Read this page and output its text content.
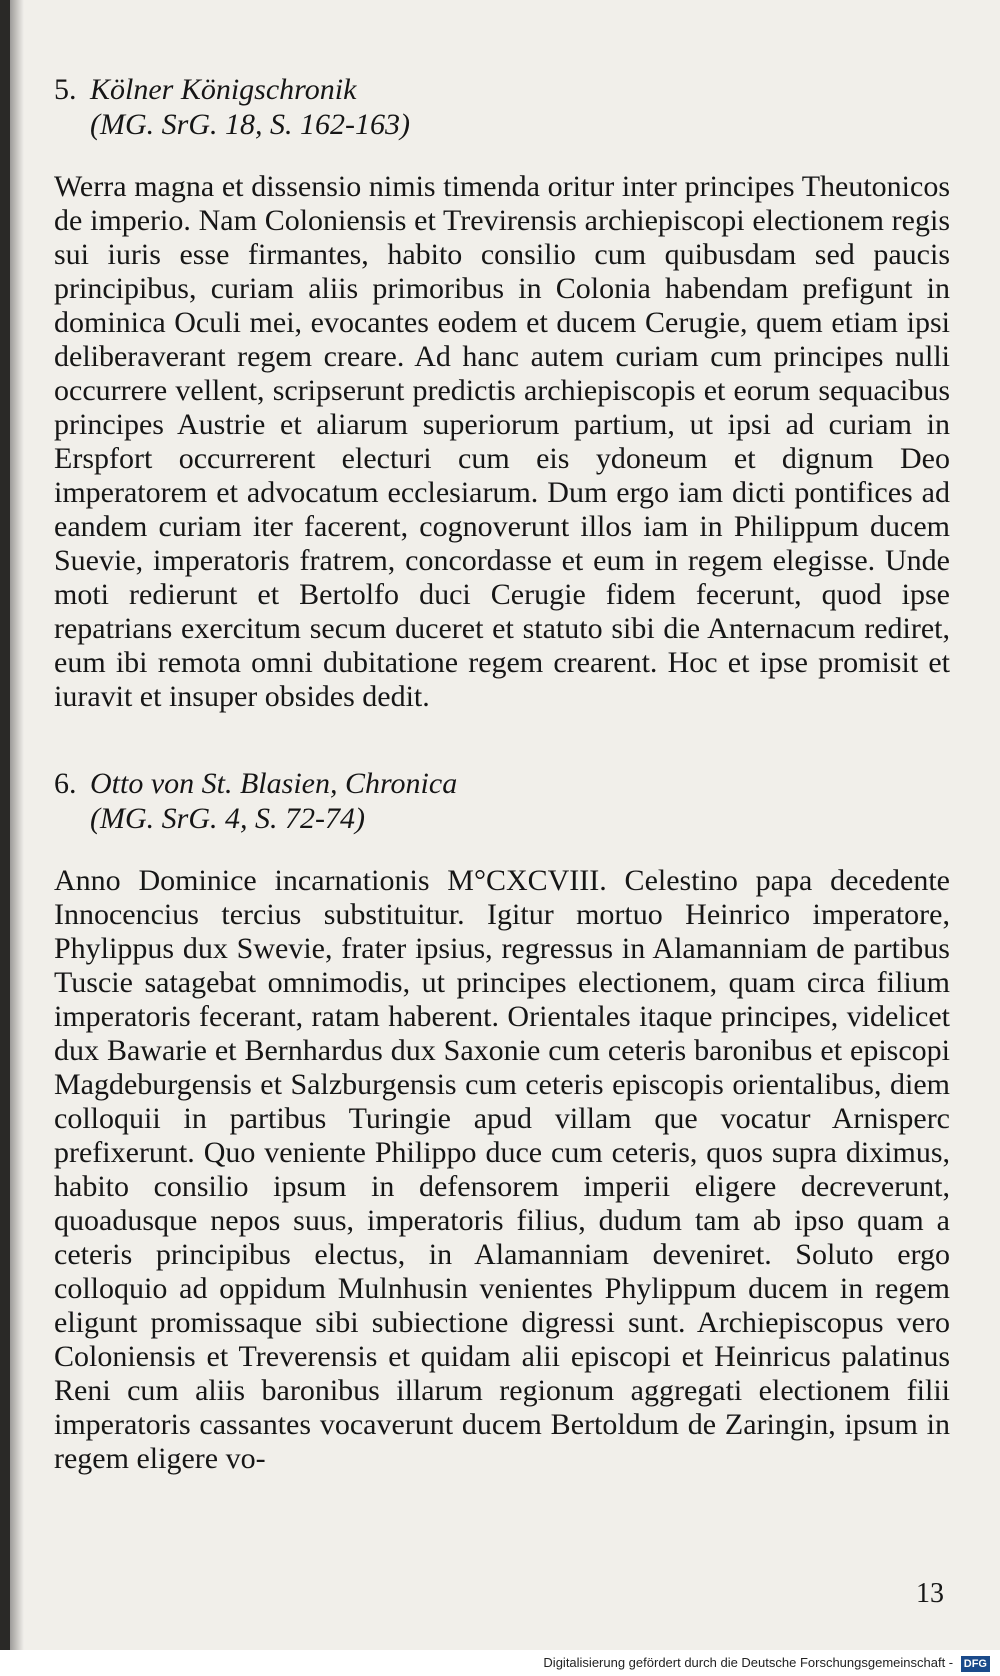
5. Kölner Königschronik
(MG. SrG. 18, S. 162-163)
Werra magna et dissensio nimis timenda oritur inter principes Theutonicos de imperio. Nam Coloniensis et Trevirensis archiepiscopi electionem regis sui iuris esse firmantes, habito consilio cum quibusdam sed paucis principibus, curiam aliis primoribus in Colonia habendam prefigunt in dominica Oculi mei, evocantes eodem et ducem Cerugie, quem etiam ipsi deliberaverant regem creare. Ad hanc autem curiam cum principes nulli occurrere vellent, scripserunt predictis archiepiscopis et eorum sequacibus principes Austrie et aliarum superiorum partium, ut ipsi ad curiam in Erspfort occurrerent electuri cum eis ydoneum et dignum Deo imperatorem et advocatum ecclesiarum. Dum ergo iam dicti pontifices ad eandem curiam iter facerent, cognoverunt illos iam in Philippum ducem Suevie, imperatoris fratrem, concordasse et eum in regem elegisse. Unde moti redierunt et Bertolfo duci Cerugie fidem fecerunt, quod ipse repatrians exercitum secum duceret et statuto sibi die Anternacum rediret, eum ibi remota omni dubitatione regem crearent. Hoc et ipse promisit et iuravit et insuper obsides dedit.
6. Otto von St. Blasien, Chronica
(MG. SrG. 4, S. 72-74)
Anno Dominice incarnationis M°CXCVIII. Celestino papa decedente Innocencius tercius substituitur. Igitur mortuo Heinrico imperatore, Phylippus dux Swevie, frater ipsius, regressus in Alamanniam de partibus Tuscie satagebat omnimodis, ut principes electionem, quam circa filium imperatoris fecerant, ratam haberent. Orientales itaque principes, videlicet dux Bawarie et Bernhardus dux Saxonie cum ceteris baronibus et episcopi Magdeburgensis et Salzburgensis cum ceteris episcopis orientalibus, diem colloquii in partibus Turingie apud villam que vocatur Arnisperc prefixerunt. Quo veniente Philippo duce cum ceteris, quos supra diximus, habito consilio ipsum in defensorem imperii eligere decreverunt, quoadusque nepos suus, imperatoris filius, dudum tam ab ipso quam a ceteris principibus electus, in Alamanniam deveniret. Soluto ergo colloquio ad oppidum Mulnhusin venientes Phylippum ducem in regem eligunt promissaque sibi subiectione digressi sunt. Archiepiscopus vero Coloniensis et Treverensis et quidam alii episcopi et Heinricus palatinus Reni cum aliis baronibus illarum regionum aggregati electionem filii imperatoris cassantes vocaverunt ducem Bertoldum de Zaringin, ipsum in regem eligere vo-
13
Digitalisierung gefördert durch die Deutsche Forschungsgemeinschaft - DFG
